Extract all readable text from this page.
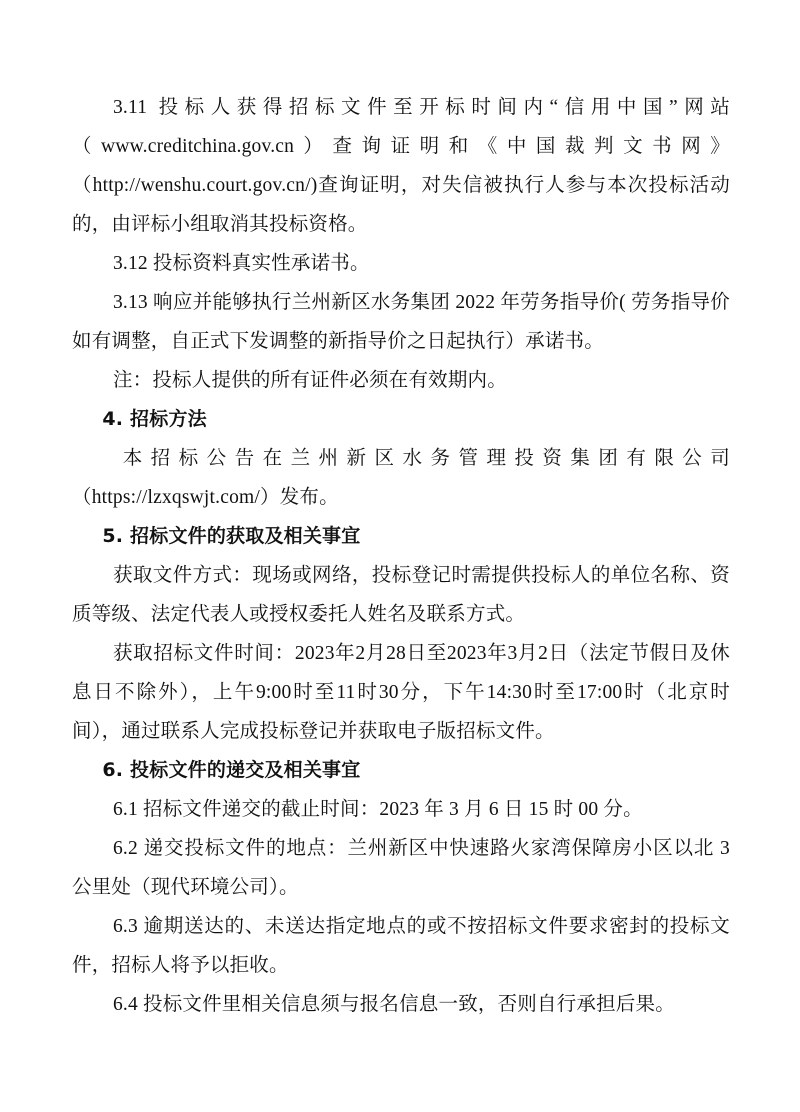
3.11 投标人获得招标文件至开标时间内“信用中国”网站（www.creditchina.gov.cn）查询证明和《中国裁判文书网》（http://wenshu.court.gov.cn/)查询证明，对失信被执行人参与本次投标活动的，由评标小组取消其投标资格。

3.12 投标资料真实性承诺书。

3.13 响应并能够执行兰州新区水务集团 2022 年劳务指导价( 劳务指导价如有调整，自正式下发调整的新指导价之日起执行）承诺书。

注：投标人提供的所有证件必须在有效期内。

4. 招标方法

本 招 标 公 告 在 兰 州 新 区 水 务 管 理 投 资 集 团 有 限 公 司（https://lzxqswjt.com/）发布。

5. 招标文件的获取及相关事宜

获取文件方式：现场或网络，投标登记时需提供投标人的单位名称、资质等级、法定代表人或授权委托人姓名及联系方式。

获取招标文件时间：2023年2月28日至2023年3月2日（法定节假日及休息日不除外），上午9:00时至11时30分，下午14:30时至17:00时（北京时间），通过联系人完成投标登记并获取电子版招标文件。

6. 投标文件的递交及相关事宜

6.1 招标文件递交的截止时间：2023 年 3 月 6 日 15 时 00 分。

6.2 递交投标文件的地点：兰州新区中快速路火家湾保障房小区以北 3 公里处（现代环境公司）。

6.3 逾期送达的、未送达指定地点的或不按招标文件要求密封的投标文件，招标人将予以拒收。

6.4 投标文件里相关信息须与报名信息一致，否则自行承担后果。
